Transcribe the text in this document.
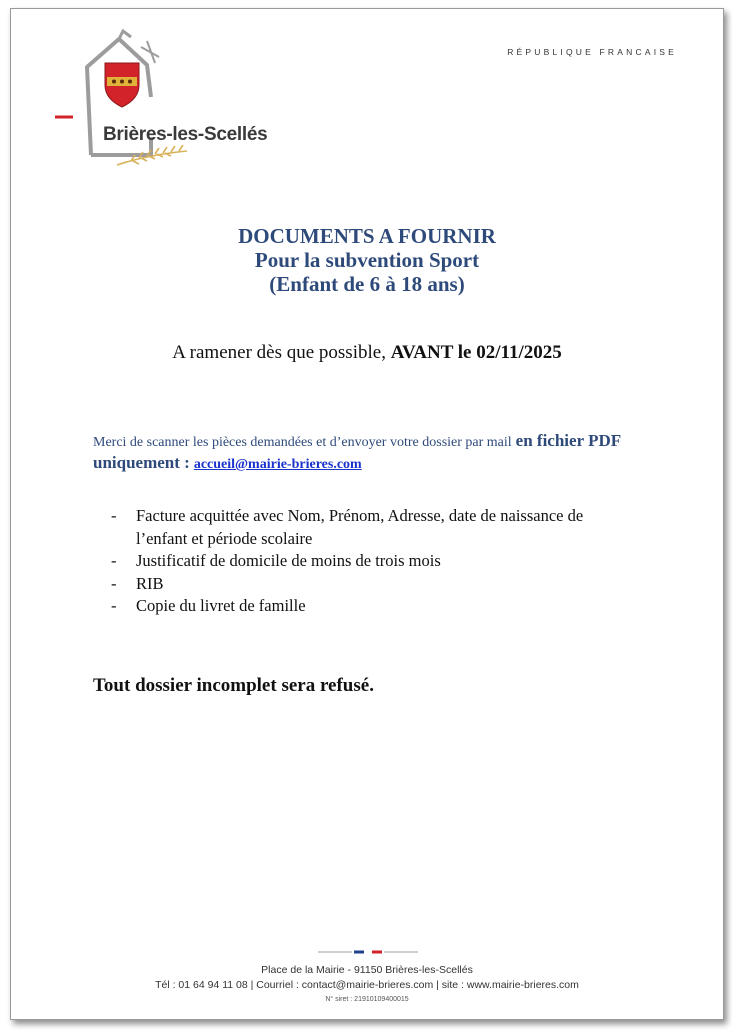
Brières-les-Scellés
RÉPUBLIQUE FRANCAISE
DOCUMENTS A FOURNIR
Pour la subvention Sport
(Enfant de 6 à 18 ans)
A ramener dès que possible, AVANT le 02/11/2025
Merci de scanner les pièces demandées et d’envoyer votre dossier par mail en fichier PDF uniquement : accueil@mairie-brieres.com
- Facture acquittée avec Nom, Prénom, Adresse, date de naissance de l’enfant et période scolaire
- Justificatif de domicile de moins de trois mois
- RIB
- Copie du livret de famille
Tout dossier incomplet sera refusé.
Place de la Mairie - 91150 Brières-les-Scellés
Tél : 01 64 94 11 08 | Courriel : contact@mairie-brieres.com | site : www.mairie-brieres.com
N° siret : 21910109400015
